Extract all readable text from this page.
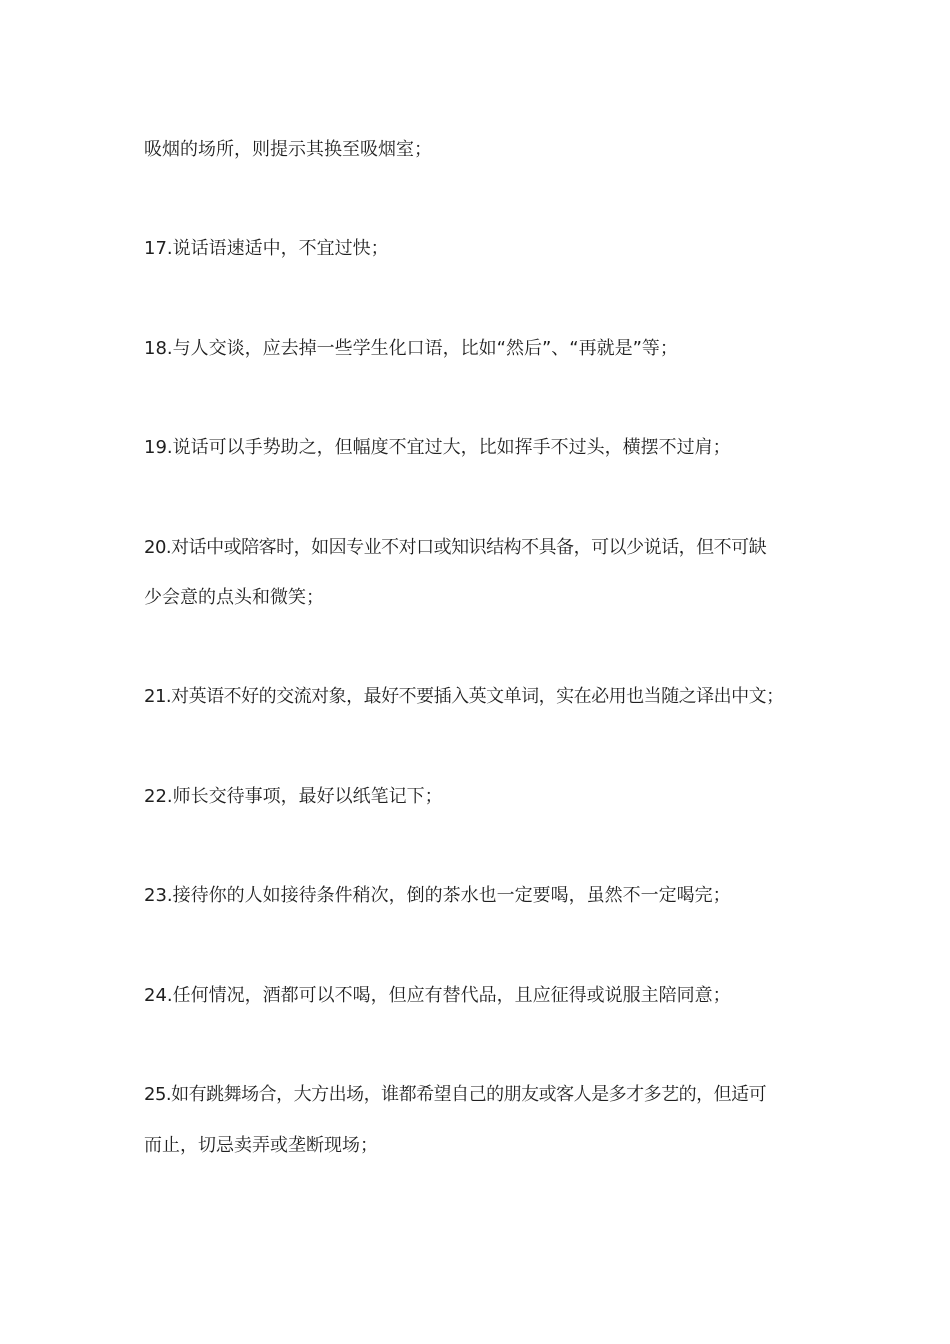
吸烟的场所，则提示其换至吸烟室；
17.说话语速适中，不宜过快；
18.与人交谈，应去掉一些学生化口语，比如“然后”、“再就是”等；
19.说话可以手势助之，但幅度不宜过大，比如挥手不过头，横摆不过肩；
20.对话中或陪客时，如因专业不对口或知识结构不具备，可以少说话，但不可缺
少会意的点头和微笑；
21.对英语不好的交流对象，最好不要插入英文单词，实在必用也当随之译出中文；
22.师长交待事项，最好以纸笔记下；
23.接待你的人如接待条件稍次，倒的茶水也一定要喝，虽然不一定喝完；
24.任何情况，酒都可以不喝，但应有替代品，且应征得或说服主陪同意；
25.如有跳舞场合，大方出场，谁都希望自己的朋友或客人是多才多艺的，但适可
而止，切忌卖弄或垄断现场；
